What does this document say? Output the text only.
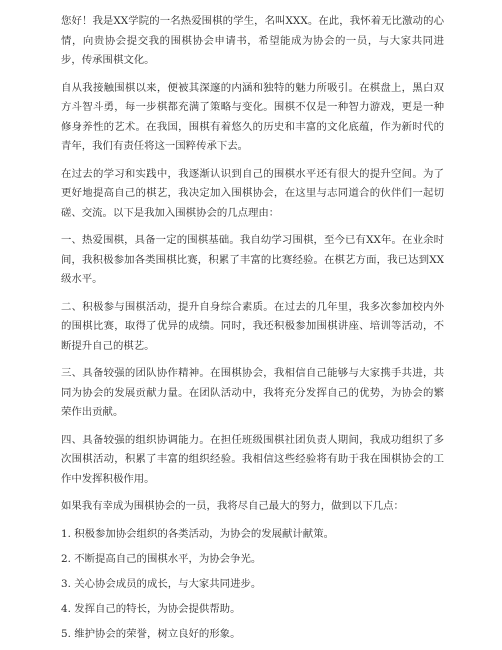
您好！我是XX学院的一名热爱围棋的学生，名叫XXX。在此，我怀着无比激动的心情，向贵协会提交我的围棋协会申请书，希望能成为协会的一员，与大家共同进步，传承围棋文化。

自从我接触围棋以来，便被其深邃的内涵和独特的魅力所吸引。在棋盘上，黑白双方斗智斗勇，每一步棋都充满了策略与变化。围棋不仅是一种智力游戏，更是一种修身养性的艺术。在我国，围棋有着悠久的历史和丰富的文化底蕴，作为新时代的青年，我们有责任将这一国粹传承下去。

在过去的学习和实践中，我逐渐认识到自己的围棋水平还有很大的提升空间。为了更好地提高自己的棋艺，我决定加入围棋协会，在这里与志同道合的伙伴们一起切磋、交流。以下是我加入围棋协会的几点理由：

一、热爱围棋，具备一定的围棋基础。我自幼学习围棋，至今已有XX年。在业余时间，我积极参加各类围棋比赛，积累了丰富的比赛经验。在棋艺方面，我已达到XX级水平。

二、积极参与围棋活动，提升自身综合素质。在过去的几年里，我多次参加校内外的围棋比赛，取得了优异的成绩。同时，我还积极参加围棋讲座、培训等活动，不断提升自己的棋艺。

三、具备较强的团队协作精神。在围棋协会，我相信自己能够与大家携手共进，共同为协会的发展贡献力量。在团队活动中，我将充分发挥自己的优势，为协会的繁荣作出贡献。

四、具备较强的组织协调能力。在担任班级围棋社团负责人期间，我成功组织了多次围棋活动，积累了丰富的组织经验。我相信这些经验将有助于我在围棋协会的工作中发挥积极作用。

如果我有幸成为围棋协会的一员，我将尽自己最大的努力，做到以下几点：

1. 积极参加协会组织的各类活动，为协会的发展献计献策。

2. 不断提高自己的围棋水平，为协会争光。

3. 关心协会成员的成长，与大家共同进步。

4. 发挥自己的特长，为协会提供帮助。

5. 维护协会的荣誉，树立良好的形象。
